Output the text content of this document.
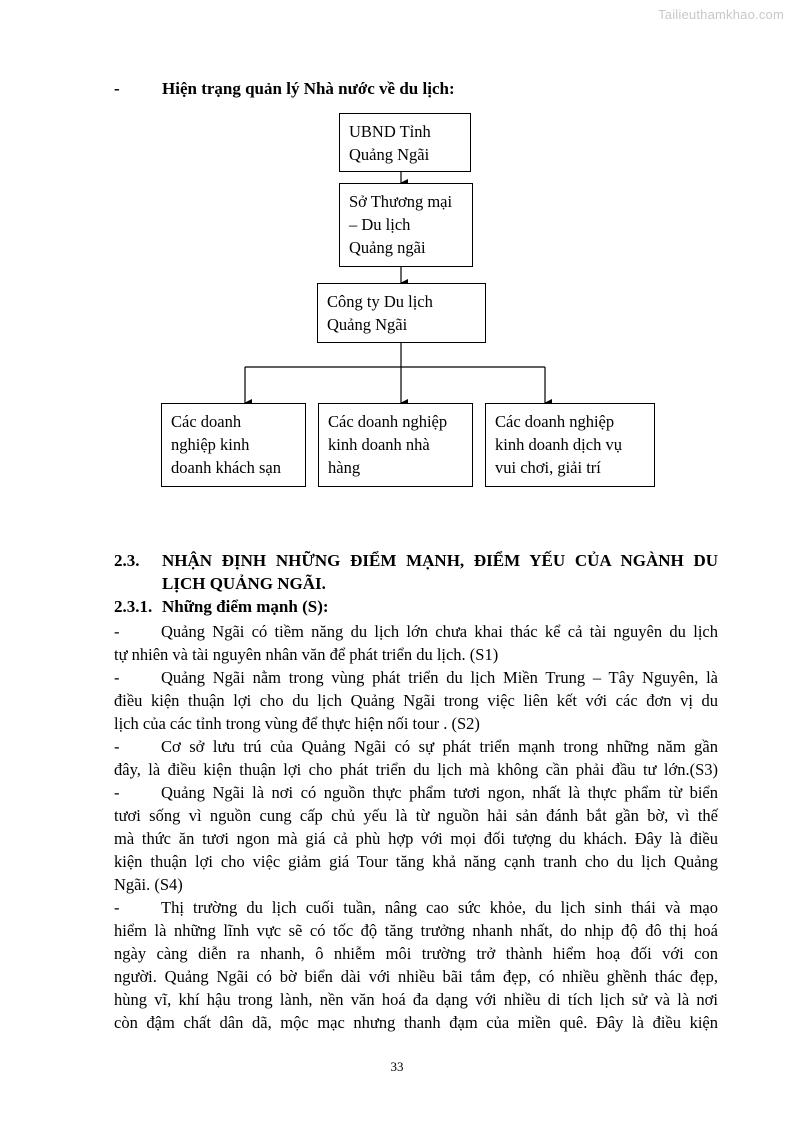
Tailieuthamkhao.com
- Hiện trạng quản lý Nhà nước về du lịch:
UBND Tỉnh
Quảng Ngãi
Sở Thương mại
– Du lịch
Quảng ngãi
Công ty Du lịch
Quảng Ngãi
Các doanh
nghiệp kinh
doanh khách sạn
Các doanh nghiệp
kinh doanh nhà
hàng
Các doanh nghiệp
kinh doanh dịch vụ
vui chơi, giải trí
2.3. NHẬN ĐỊNH NHỮNG ĐIỂM MẠNH, ĐIỂM YẾU CỦA NGÀNH DU
LỊCH QUẢNG NGÃI.
2.3.1. Những điểm mạnh (S):
-	Quảng Ngãi có tiềm năng du lịch lớn chưa khai thác kể cả tài nguyên du lịch
tự nhiên và tài nguyên nhân văn để phát triển du lịch. (S1)
-	Quảng Ngãi nằm trong vùng phát triển du lịch Miền Trung – Tây Nguyên, là
điều kiện thuận lợi cho du lịch Quảng Ngãi trong việc liên kết với các đơn vị du
lịch của các tỉnh trong vùng để thực hiện nối tour . (S2)
-	Cơ sở lưu trú của Quảng Ngãi có sự phát triển mạnh trong những năm gần
đây, là điều kiện thuận lợi cho phát triển du lịch mà không cần phải đầu tư lớn.(S3)
-	Quảng Ngãi là nơi có nguồn thực phẩm tươi ngon, nhất là thực phẩm từ biển
tươi sống vì nguồn cung cấp chủ yếu là từ nguồn hải sản đánh bắt gần bờ, vì thế
mà thức ăn tươi ngon mà giá cả phù hợp với mọi đối tượng du khách. Đây là điều
kiện thuận lợi cho việc giảm giá Tour tăng khả năng cạnh tranh cho du lịch Quảng
Ngãi. (S4)
-	Thị trường du lịch cuối tuần, nâng cao sức khỏe, du lịch sinh thái và mạo
hiểm là những lĩnh vực sẽ có tốc độ tăng trưởng nhanh nhất, do nhịp độ đô thị hoá
ngày càng diễn ra nhanh, ô nhiễm môi trường trở thành hiểm hoạ đối với con
người. Quảng Ngãi có bờ biển dài với nhiều bãi tắm đẹp, có nhiều ghềnh thác đẹp,
hùng vĩ, khí hậu trong lành, nền văn hoá đa dạng với nhiều di tích lịch sử và là nơi
còn đậm chất dân dã, mộc mạc nhưng thanh đạm của miền quê. Đây là điều kiện
33
